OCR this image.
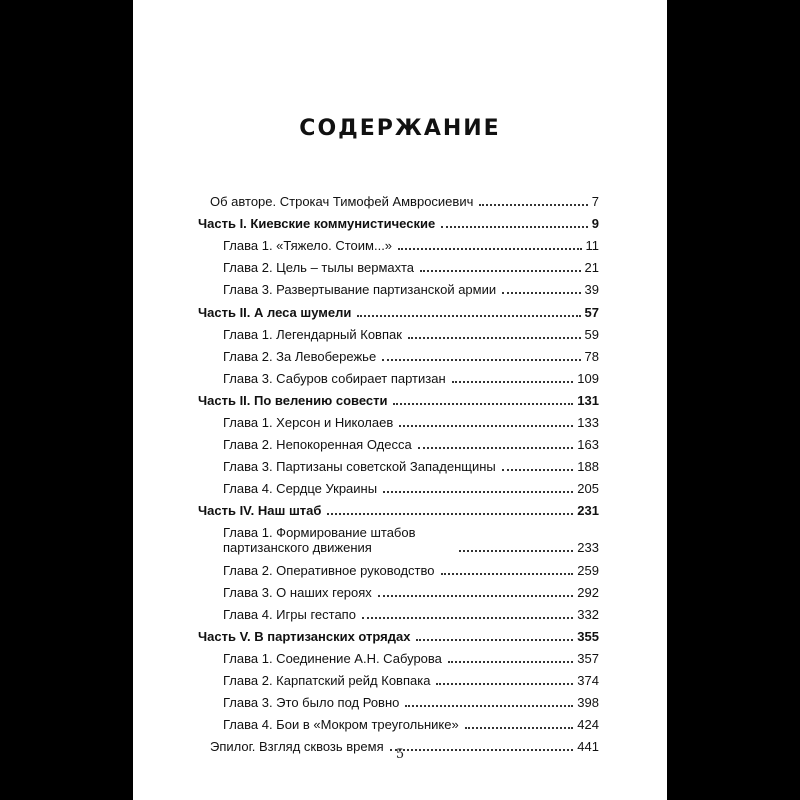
СОДЕРЖАНИЕ
Об авторе. Строкач Тимофей Амвросиевич	7
Часть I. Киевские коммунистические	9
Глава 1. «Тяжело. Стоим...»	11
Глава 2. Цель – тылы вермахта	21
Глава 3. Развертывание партизанской армии	39
Часть II. А леса шумели	57
Глава 1. Легендарный Ковпак	59
Глава 2. За Левобережье	78
Глава 3. Сабуров собирает партизан	109
Часть II. По велению совести	131
Глава 1. Херсон и Николаев	133
Глава 2. Непокоренная Одесса	163
Глава 3. Партизаны советской Западенщины	188
Глава 4. Сердце Украины	205
Часть IV. Наш штаб	231
Глава 1. Формирование штабов партизанского движения	233
Глава 2. Оперативное руководство	259
Глава 3. О наших героях	292
Глава 4. Игры гестапо	332
Часть V. В партизанских отрядах	355
Глава 1. Соединение А.Н. Сабурова	357
Глава 2. Карпатский рейд Ковпака	374
Глава 3. Это было под Ровно	398
Глава 4. Бои в «Мокром треугольнике»	424
Эпилог. Взгляд сквозь время	441
5
